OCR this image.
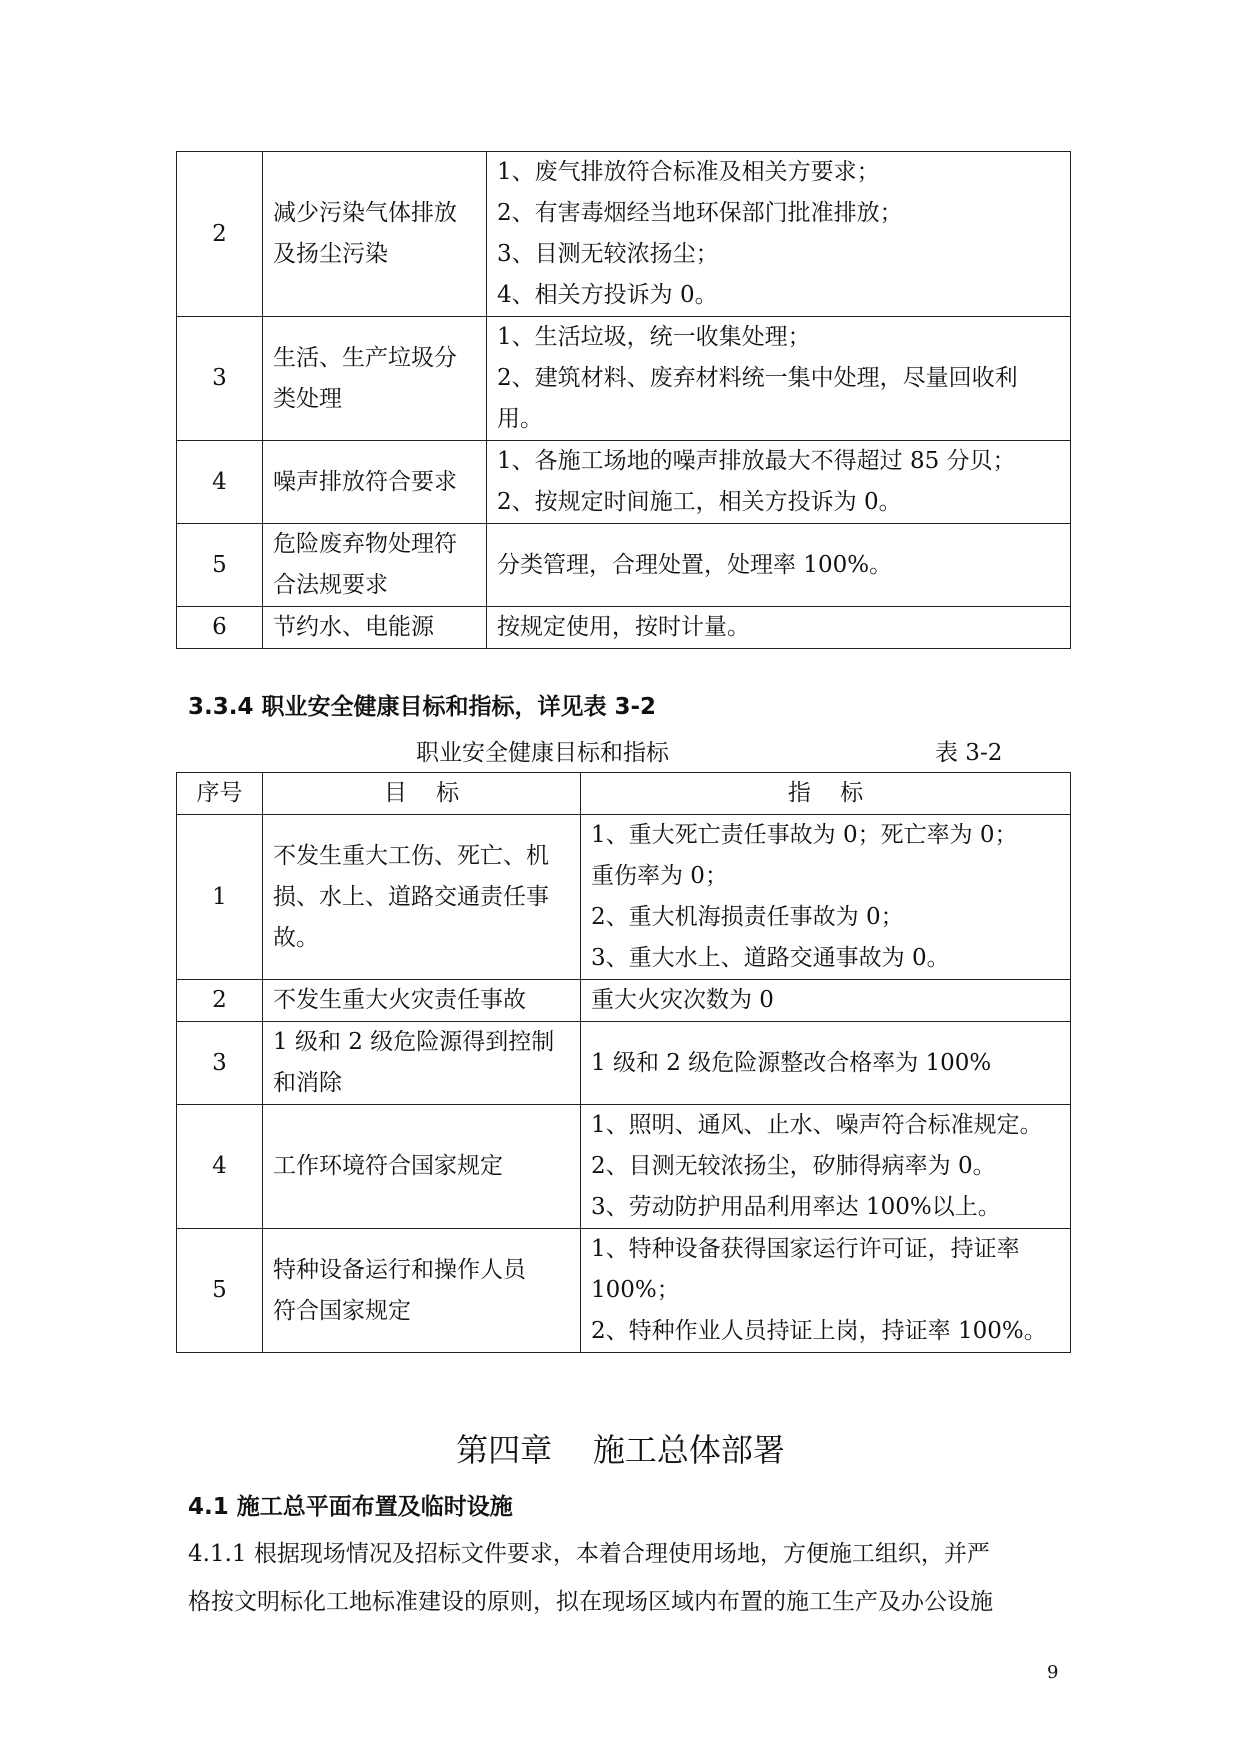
2	减少污染气体排放
及扬尘污染	1、废气排放符合标准及相关方要求；
2、有害毒烟经当地环保部门批准排放；
3、目测无较浓扬尘；
4、相关方投诉为 0。

3	生活、生产垃圾分
类处理	1、生活垃圾，统一收集处理；
2、建筑材料、废弃材料统一集中处理，尽量回收利
用。

4	噪声排放符合要求	1、各施工场地的噪声排放最大不得超过 85 分贝；
2、按规定时间施工，相关方投诉为 0。

5	危险废弃物处理符
合法规要求	分类管理，合理处置，处理率 100%。

6	节约水、电能源	按规定使用，按时计量。
3.3.4 职业安全健康目标和指标，详见表 3-2
职业安全健康目标和指标	表 3-2
序号	目    标	指    标
1	不发生重大工伤、死亡、机
损、水上、道路交通责任事
故。	1、重大死亡责任事故为 0；死亡率为 0；
重伤率为 0；
2、重大机海损责任事故为 0；
3、重大水上、道路交通事故为 0。

2	不发生重大火灾责任事故	重大火灾次数为 0

3	1 级和 2 级危险源得到控制
和消除	1 级和 2 级危险源整改合格率为 100%

4	工作环境符合国家规定	1、照明、通风、止水、噪声符合标准规定。
2、目测无较浓扬尘，矽肺得病率为 0。
3、劳动防护用品利用率达 100%以上。

5	特种设备运行和操作人员
符合国家规定	1、特种设备获得国家运行许可证，持证率
100%；
2、特种作业人员持证上岗，持证率 100%。
第四章    施工总体部署
4.1 施工总平面布置及临时设施
4.1.1 根据现场情况及招标文件要求，本着合理使用场地，方便施工组织，并严
格按文明标化工地标准建设的原则，拟在现场区域内布置的施工生产及办公设施
9
